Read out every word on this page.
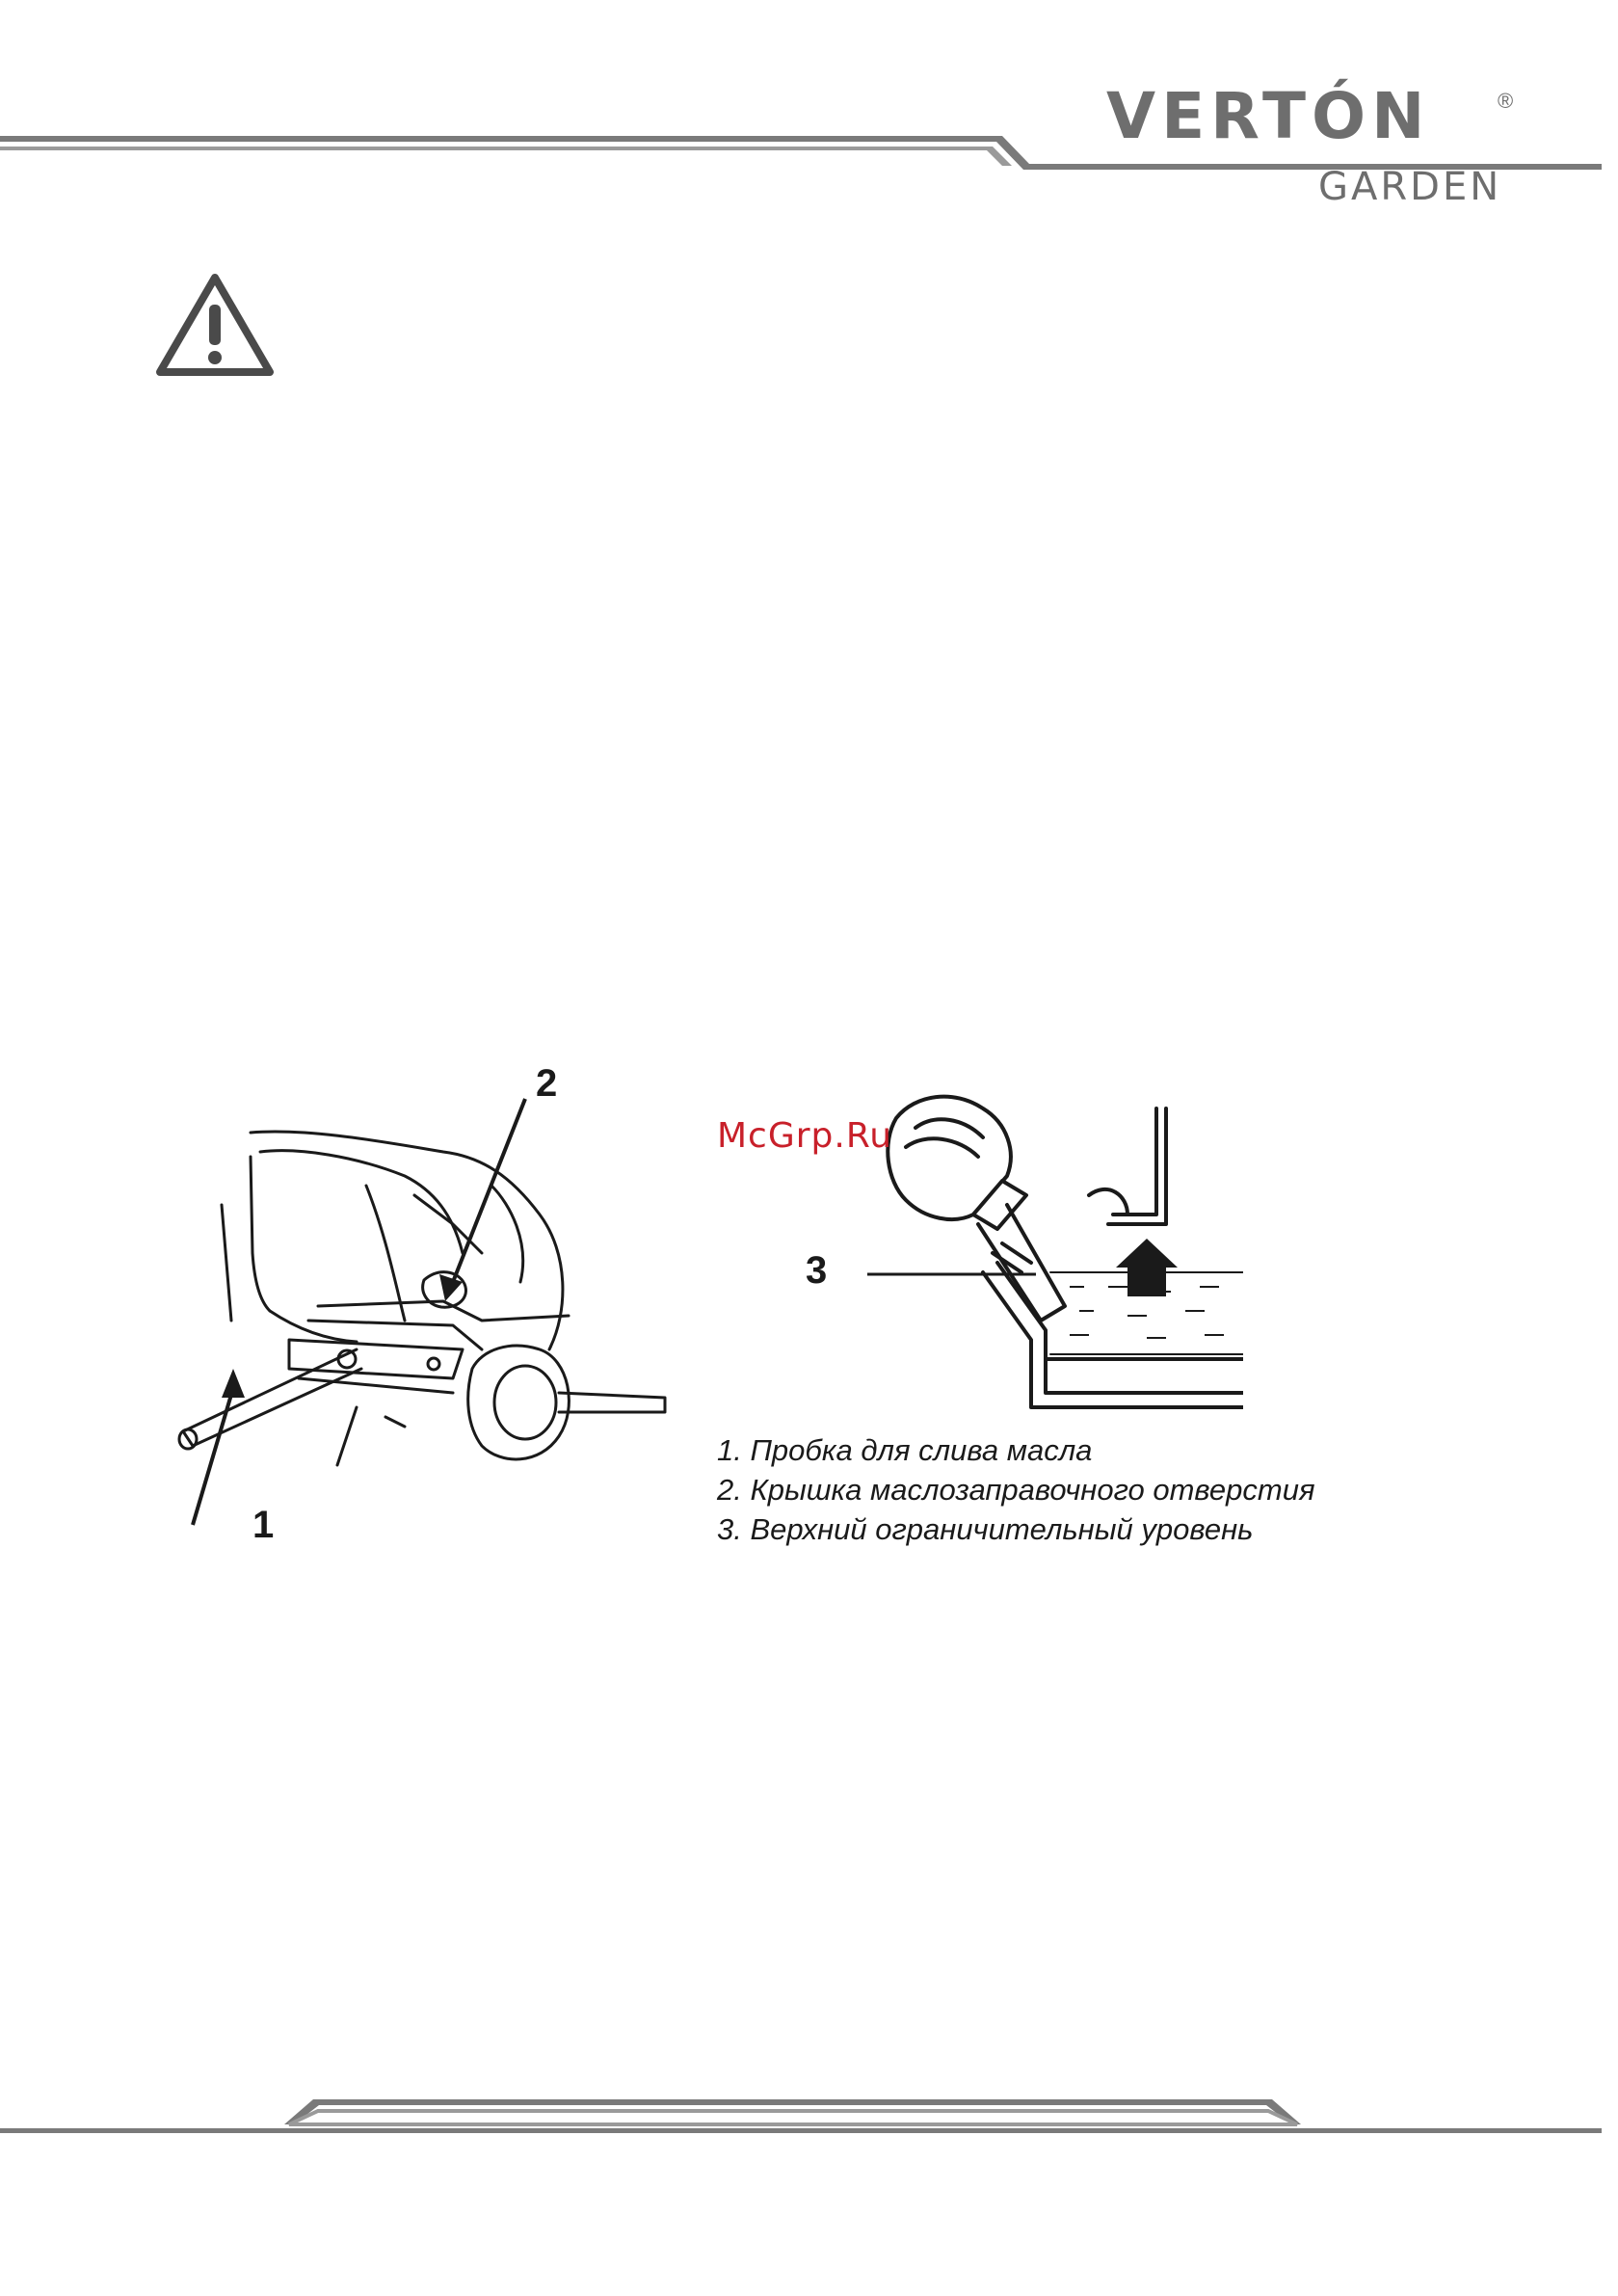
VERTÓN
GARDEN
®
1
2
3
McGrp.Ru
1. Пробка для слива масла
2. Крышка маслозаправочного отверстия
3. Верхний ограничительный уровень
